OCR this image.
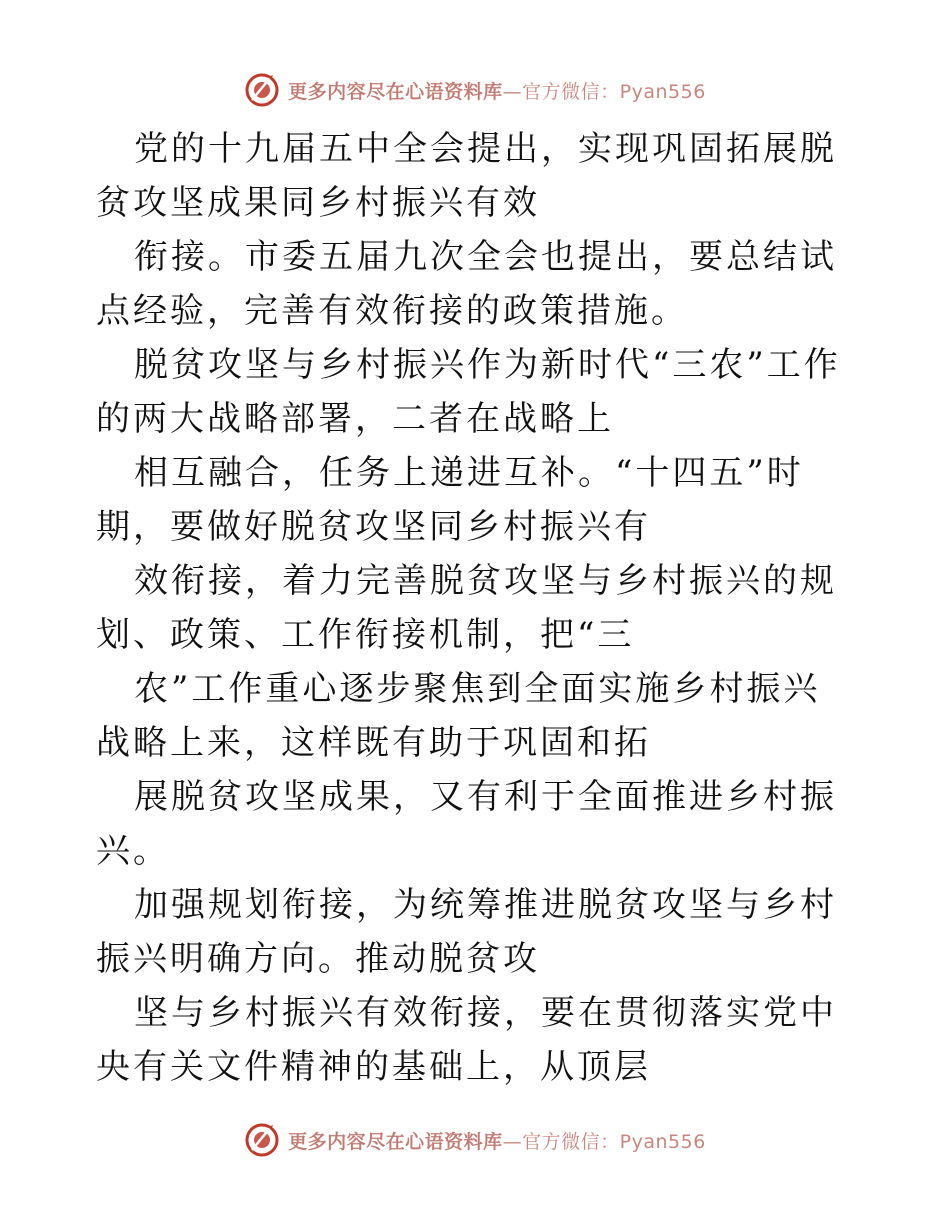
更多内容尽在心语资料库—官方微信：Pyan556

党的十九届五中全会提出，实现巩固拓展脱贫攻坚成果同乡村振兴有效

衔接。市委五届九次全会也提出，要总结试点经验，完善有效衔接的政策措施。

脱贫攻坚与乡村振兴作为新时代“三农”工作的两大战略部署，二者在战略上

相互融合，任务上递进互补。“十四五”时期，要做好脱贫攻坚同乡村振兴有

效衔接，着力完善脱贫攻坚与乡村振兴的规划、政策、工作衔接机制，把“三

农”工作重心逐步聚焦到全面实施乡村振兴战略上来，这样既有助于巩固和拓

展脱贫攻坚成果，又有利于全面推进乡村振兴。

加强规划衔接，为统筹推进脱贫攻坚与乡村振兴明确方向。推动脱贫攻

坚与乡村振兴有效衔接，要在贯彻落实党中央有关文件精神的基础上，从顶层

更多内容尽在心语资料库—官方微信：Pyan556
